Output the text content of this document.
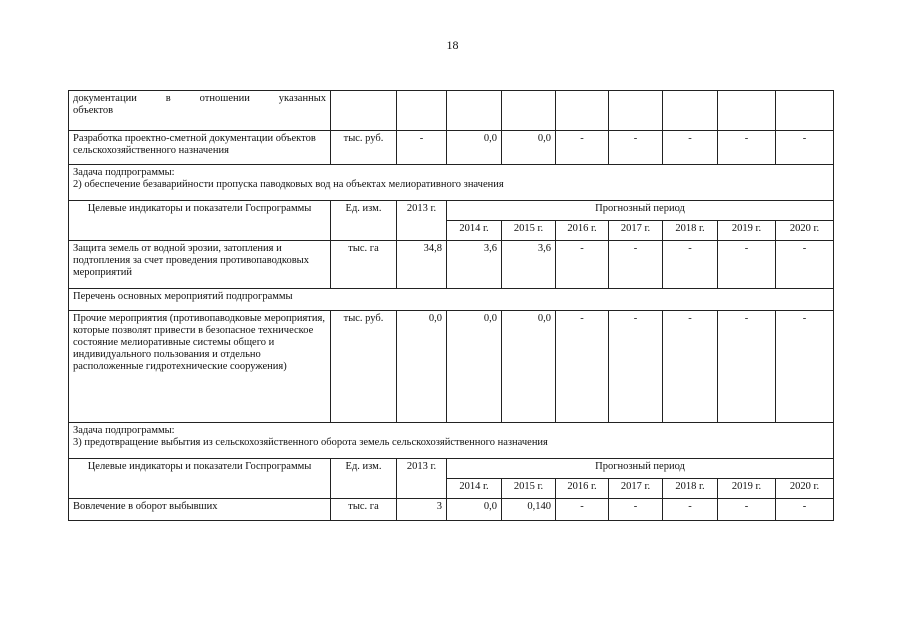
18
документации в отношении указанных
объектов									

Разработка проектно-сметной документации объектов сельскохозяйственного назначения	тыс. руб.	-	0,0	0,0	-	-	-	-	-

Задача подпрограммы:
2) обеспечение безаварийности пропуска паводковых вод на объектах мелиоративного значения									

Целевые индикаторы и показатели Госпрограммы	Ед. изм.	2013 г.	Прогнозный период						
			2014 г.	2015 г.	2016 г.	2017 г.	2018 г.	2019 г.	2020 г.
Защита земель от водной эрозии, затопления и подтопления за счет проведения противопаводковых мероприятий	тыс. га	34,8	3,6	3,6	-	-	-	-	-
Перечень основных мероприятий подпрограммы									
Прочие мероприятия (противопаводковые мероприятия, которые позволят привести в безопасное техническое состояние мелиоративные системы общего и индивидуального пользования и отдельно расположенные гидротехнические сооружения)	тыс. руб.	0,0	0,0	0,0	-	-	-	-	-

Задача подпрограммы:
3) предотвращение выбытия из сельскохозяйственного оборота земель сельскохозяйственного назначения									

Целевые индикаторы и показатели Госпрограммы	Ед. изм.	2013 г.	Прогнозный период						
			2014 г.	2015 г.	2016 г.	2017 г.	2018 г.	2019 г.	2020 г.
Вовлечение в оборот выбывших	тыс. га	3	0,0	0,140	-	-	-	-	-
